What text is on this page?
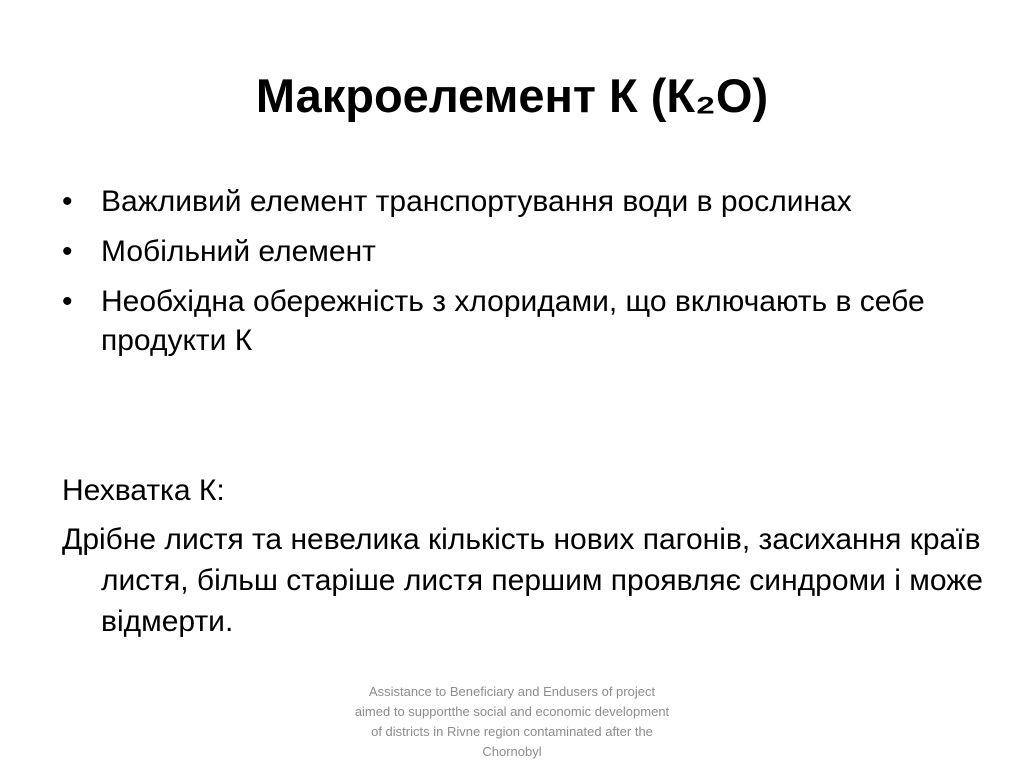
Макроелемент К (К₂О)
• Важливий елемент транспортування води в рослинах
• Мобільний елемент
• Необхідна обережність з хлоридами, що включають в себе продукти К

Нехватка К:

Дрібне листя та невелика кількість нових пагонів, засихання країв листя, більш старіше листя першим проявляє синдроми і може відмерти.

Assistance to Beneficiary and Endusers of project aimed to supportthe social and economic development of districts in Rivne region contaminated after the Chornobyl
